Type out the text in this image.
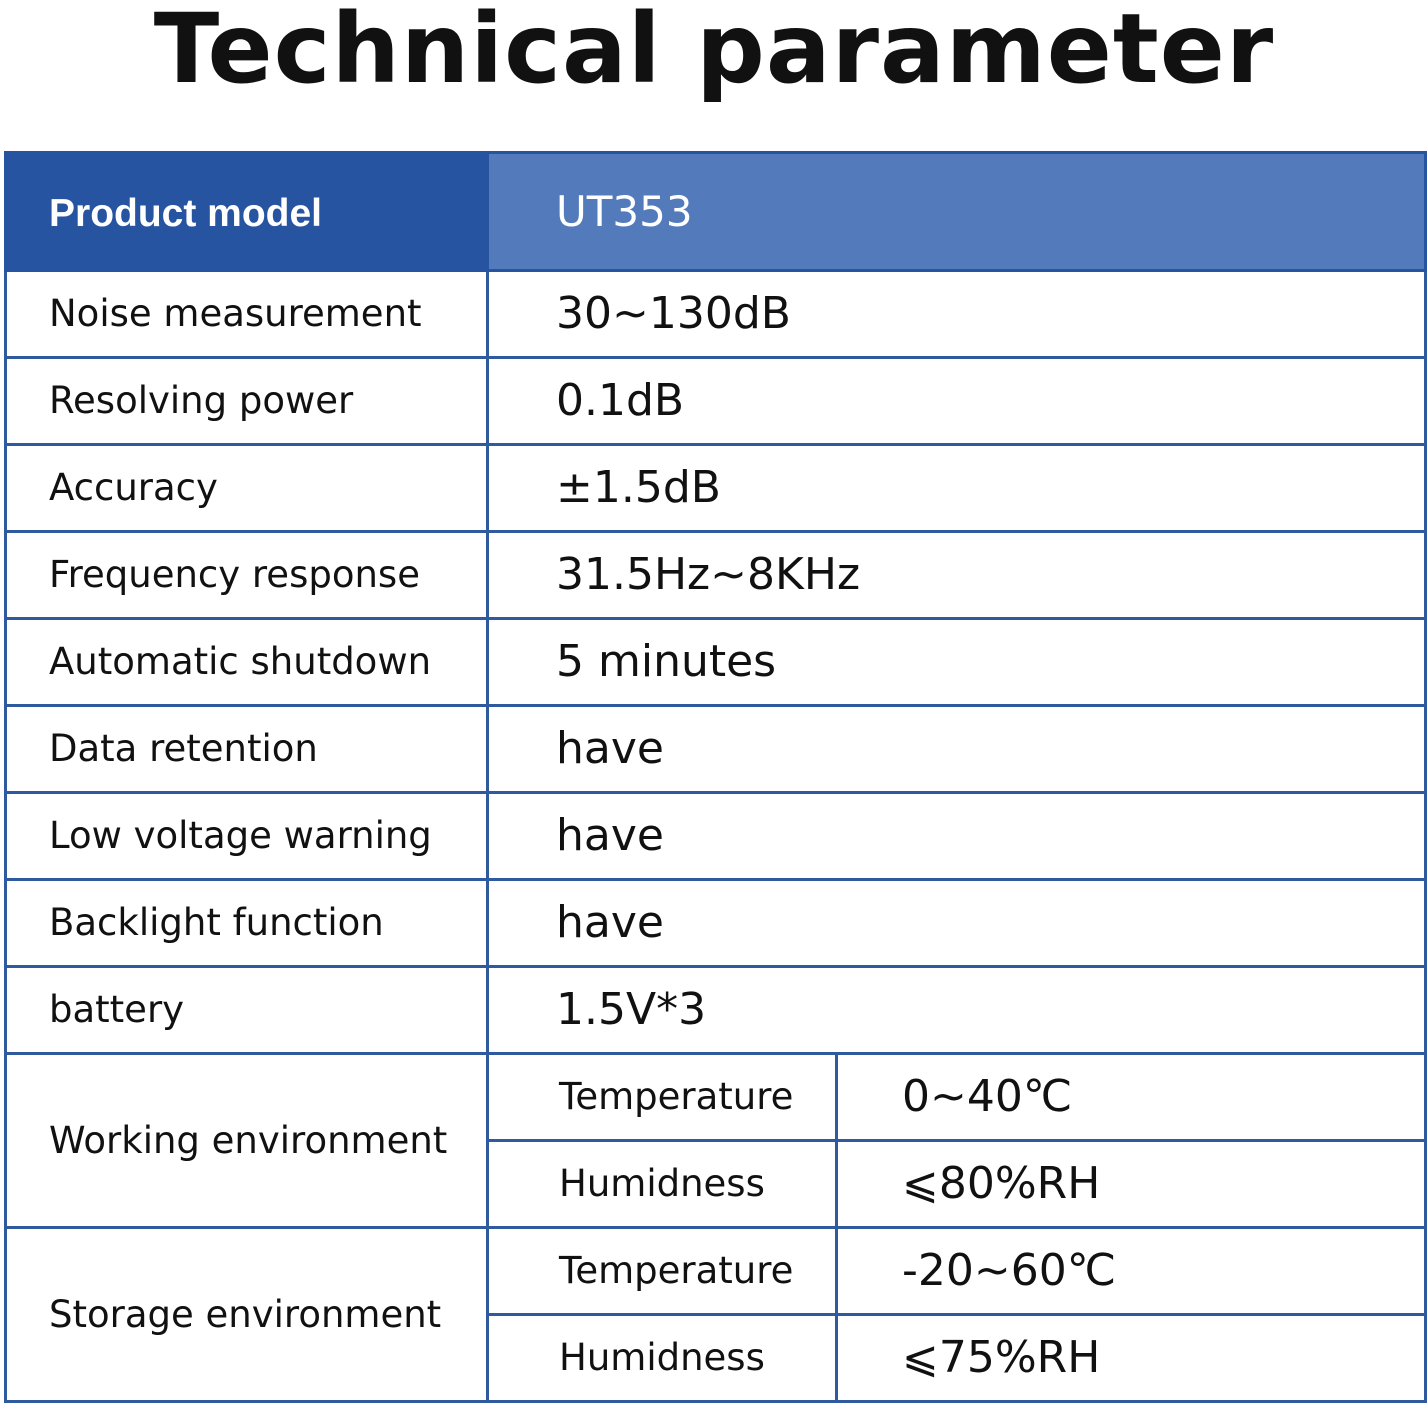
Technical parameter
Product model	UT353	
Noise measurement	30~130dB	
Resolving power	0.1dB	
Accuracy	±1.5dB	
Frequency response	31.5Hz~8KHz	
Automatic shutdown	5 minutes	
Data retention	have	
Low voltage warning	have	
Backlight function	have	
battery	1.5V*3	
Working environment	Temperature	0~40℃
	Humidness	⩽80%RH
Storage environment	Temperature	-20~60℃
	Humidness	⩽75%RH
